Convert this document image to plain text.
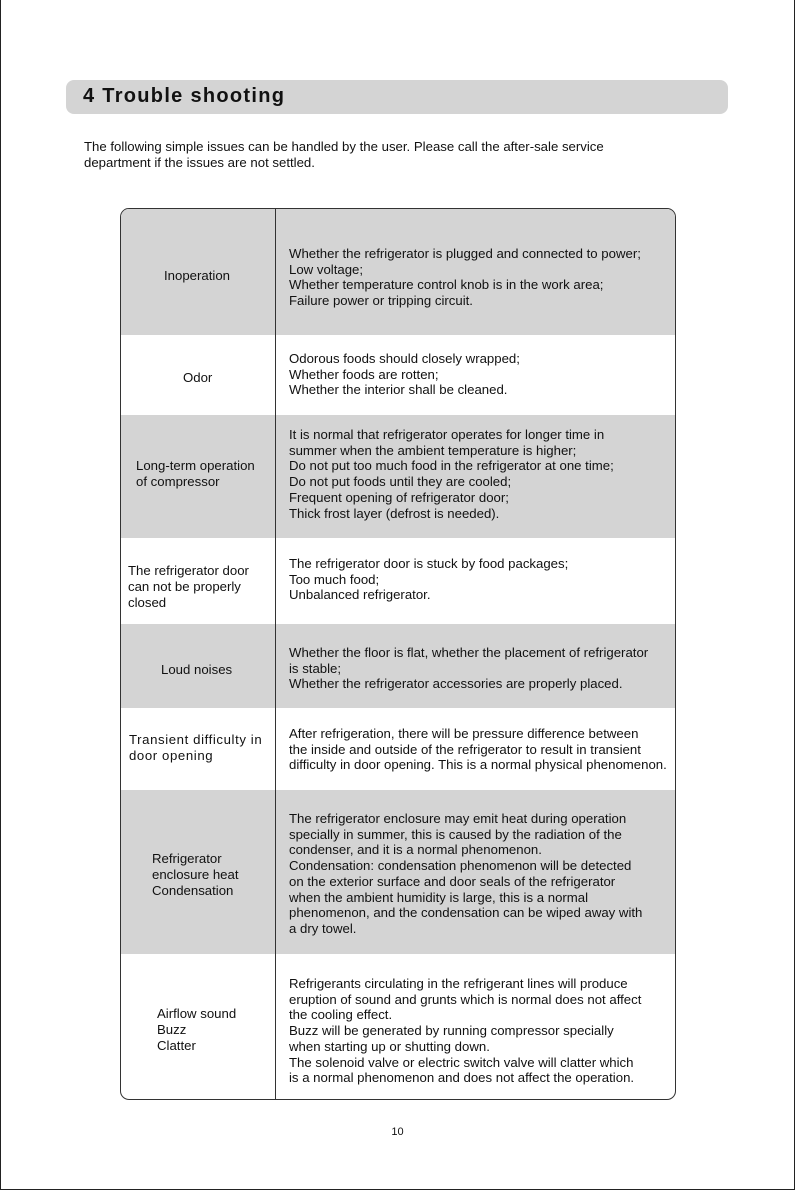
4 Trouble shooting
The following simple issues can be handled by the user. Please call the after-sale service
department if the issues are not settled.
Inoperation
Whether the refrigerator is plugged and connected to power;
Low voltage;
Whether temperature control knob is in the work area;
Failure power or tripping circuit.
Odor
Odorous foods should closely wrapped;
Whether foods are rotten;
Whether the interior shall be cleaned.
Long-term operation
of compressor
It is normal that refrigerator operates for longer time in
summer when the ambient temperature is higher;
Do not put too much food in the refrigerator at one time;
Do not put foods until they are cooled;
Frequent opening of refrigerator door;
Thick frost layer (defrost is needed).
The refrigerator door
can not be properly
closed
The refrigerator door is stuck by food packages;
Too much food;
Unbalanced refrigerator.
Loud noises
Whether the floor is flat, whether the placement of refrigerator
is stable;
Whether the refrigerator accessories are properly placed.
Transient difficulty in
door opening
After refrigeration, there will be pressure difference between
the inside and outside of the refrigerator to result in transient
difficulty in door opening. This is a normal physical phenomenon.
Refrigerator
enclosure heat
Condensation
The refrigerator enclosure may emit heat during operation
specially in summer, this is caused by the radiation of the
condenser, and it is a normal phenomenon.
Condensation: condensation phenomenon will be detected
on the exterior surface and door seals of the refrigerator
when the ambient humidity is large, this is a normal
phenomenon, and the condensation can be wiped away with
a dry towel.
Airflow sound
Buzz
Clatter
Refrigerants circulating in the refrigerant lines will produce
eruption of sound and grunts which is normal does not affect
the cooling effect.
Buzz will be generated by running compressor specially
when starting up or shutting down.
The solenoid valve or electric switch valve will clatter which
is a normal phenomenon and does not affect the operation.
10
